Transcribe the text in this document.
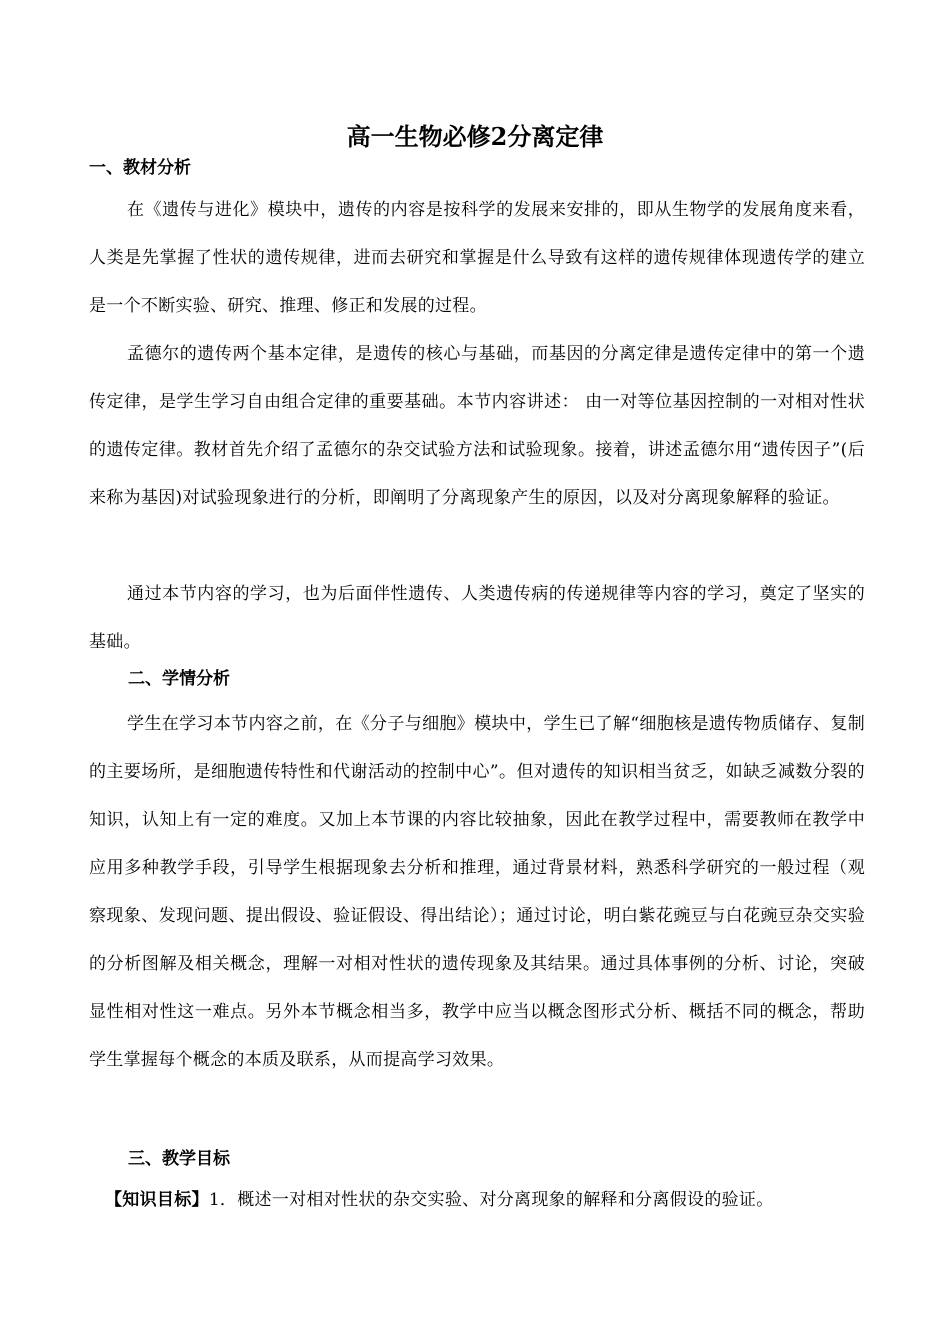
高一生物必修2分离定律
一、教材分析

在《遗传与进化》模块中，遗传的内容是按科学的发展来安排的，即从生物学的发展角度来看，人类是先掌握了性状的遗传规律，进而去研究和掌握是什么导致有这样的遗传规律体现遗传学的建立是一个不断实验、研究、推理、修正和发展的过程。

孟德尔的遗传两个基本定律，是遗传的核心与基础，而基因的分离定律是遗传定律中的第一个遗传定律，是学生学习自由组合定律的重要基础。本节内容讲述： 由一对等位基因控制的一对相对性状的遗传定律。教材首先介绍了孟德尔的杂交试验方法和试验现象。接着，讲述孟德尔用“遗传因子”(后来称为基因)对试验现象进行的分析，即阐明了分离现象产生的原因，以及对分离现象解释的验证。

通过本节内容的学习，也为后面伴性遗传、人类遗传病的传递规律等内容的学习，奠定了坚实的基础。

二、学情分析

学生在学习本节内容之前，在《分子与细胞》模块中，学生已了解“细胞核是遗传物质储存、复制的主要场所，是细胞遗传特性和代谢活动的控制中心”。但对遗传的知识相当贫乏，如缺乏减数分裂的知识，认知上有一定的难度。又加上本节课的内容比较抽象，因此在教学过程中，需要教师在教学中应用多种教学手段，引导学生根据现象去分析和推理，通过背景材料，熟悉科学研究的一般过程（观察现象、发现问题、提出假设、验证假设、得出结论）；通过讨论，明白紫花豌豆与白花豌豆杂交实验的分析图解及相关概念，理解一对相对性状的遗传现象及其结果。通过具体事例的分析、讨论，突破显性相对性这一难点。另外本节概念相当多，教学中应当以概念图形式分析、概括不同的概念，帮助学生掌握每个概念的本质及联系，从而提高学习效果。

三、教学目标

【知识目标】1．概述一对相对性状的杂交实验、对分离现象的解释和分离假设的验证。
